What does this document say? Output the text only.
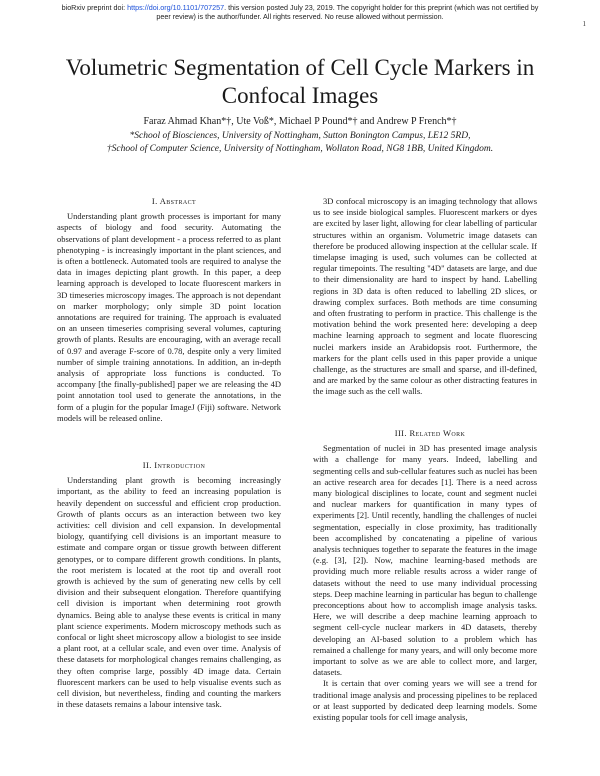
bioRxiv preprint doi: https://doi.org/10.1101/707257. this version posted July 23, 2019. The copyright holder for this preprint (which was not certified by peer review) is the author/funder. All rights reserved. No reuse allowed without permission.
1
Volumetric Segmentation of Cell Cycle Markers in Confocal Images
Faraz Ahmad Khan*†, Ute Voß*, Michael P Pound*† and Andrew P French*†
*School of Biosciences, University of Nottingham, Sutton Bonington Campus, LE12 5RD,
†School of Computer Science, University of Nottingham, Wollaton Road, NG8 1BB, United Kingdom.

I. Abstract

Understanding plant growth processes is important for many aspects of biology and food security. Automating the observations of plant development - a process referred to as plant phenotyping - is increasingly important in the plant sciences, and is often a bottleneck. Automated tools are required to analyse the data in images depicting plant growth. In this paper, a deep learning approach is developed to locate fluorescent markers in 3D timeseries microscopy images. The approach is not dependant on marker morphology; only simple 3D point location annotations are required for training. The approach is evaluated on an unseen timeseries comprising several volumes, capturing growth of plants. Results are encouraging, with an average recall of 0.97 and average F-score of 0.78, despite only a very limited number of simple training annotations. In addition, an in-depth analysis of appropriate loss functions is conducted. To accompany [the finally-published] paper we are releasing the 4D point annotation tool used to generate the annotations, in the form of a plugin for the popular ImageJ (Fiji) software. Network models will be released online.

II. Introduction

Understanding plant growth is becoming increasingly important, as the ability to feed an increasing population is heavily dependent on successful and efficient crop production. Growth of plants occurs as an interaction between two key activities: cell division and cell expansion. In developmental biology, quantifying cell divisions is an important measure to estimate and compare organ or tissue growth between different genotypes, or to compare different growth conditions. In plants, the root meristem is located at the root tip and overall root growth is achieved by the sum of generating new cells by cell division and their subsequent elongation. Therefore quantifying cell division is important when determining root growth dynamics. Being able to analyse these events is critical in many plant science experiments. Modern microscopy methods such as confocal or light sheet microscopy allow a biologist to see inside a plant root, at a cellular scale, and even over time. Analysis of these datasets for morphological changes remains challenging, as they often comprise large, possibly 4D image data. Certain fluorescent markers can be used to help visualise events such as cell division, but nevertheless, finding and counting the markers in these datasets remains a labour intensive task.

3D confocal microscopy is an imaging technology that allows us to see inside biological samples. Fluorescent markers or dyes are excited by laser light, allowing for clear labelling of particular structures within an organism. Volumetric image datasets can therefore be produced allowing inspection at the cellular scale. If timelapse imaging is used, such volumes can be collected at regular timepoints. The resulting "4D" datasets are large, and due to their dimensionality are hard to inspect by hand. Labelling regions in 3D data is often reduced to labelling 2D slices, or drawing complex surfaces. Both methods are time consuming and often frustrating to perform in practice. This challenge is the motivation behind the work presented here: developing a deep machine learning approach to segment and locate fluorescing nuclei markers inside an Arabidopsis root. Furthermore, the markers for the plant cells used in this paper provide a unique challenge, as the structures are small and sparse, and ill-defined, and are marked by the same colour as other distracting features in the image such as the cell walls.

III. Related Work

Segmentation of nuclei in 3D has presented image analysis with a challenge for many years. Indeed, labelling and segmenting cells and sub-cellular features such as nuclei has been an active research area for decades [1]. There is a need across many biological disciplines to locate, count and segment nuclei and nuclear markers for quantification in many types of experiments [2]. Until recently, handling the challenges of nuclei segmentation, especially in close proximity, has traditionally been accomplished by concatenating a pipeline of various analysis techniques together to separate the features in the image (e.g. [3], [2]). Now, machine learning-based methods are providing much more reliable results across a wider range of datasets without the need to use many individual processing steps. Deep machine learning in particular has begun to challenge preconceptions about how to accomplish image analysis tasks. Here, we will describe a deep machine learning approach to segment cell-cycle nuclear markers in 4D datasets, thereby developing an AI-based solution to a problem which has remained a challenge for many years, and will only become more important to solve as we are able to collect more, and larger, datasets.

It is certain that over coming years we will see a trend for traditional image analysis and processing pipelines to be replaced or at least supported by dedicated deep learning models. Some existing popular tools for cell image analysis,
